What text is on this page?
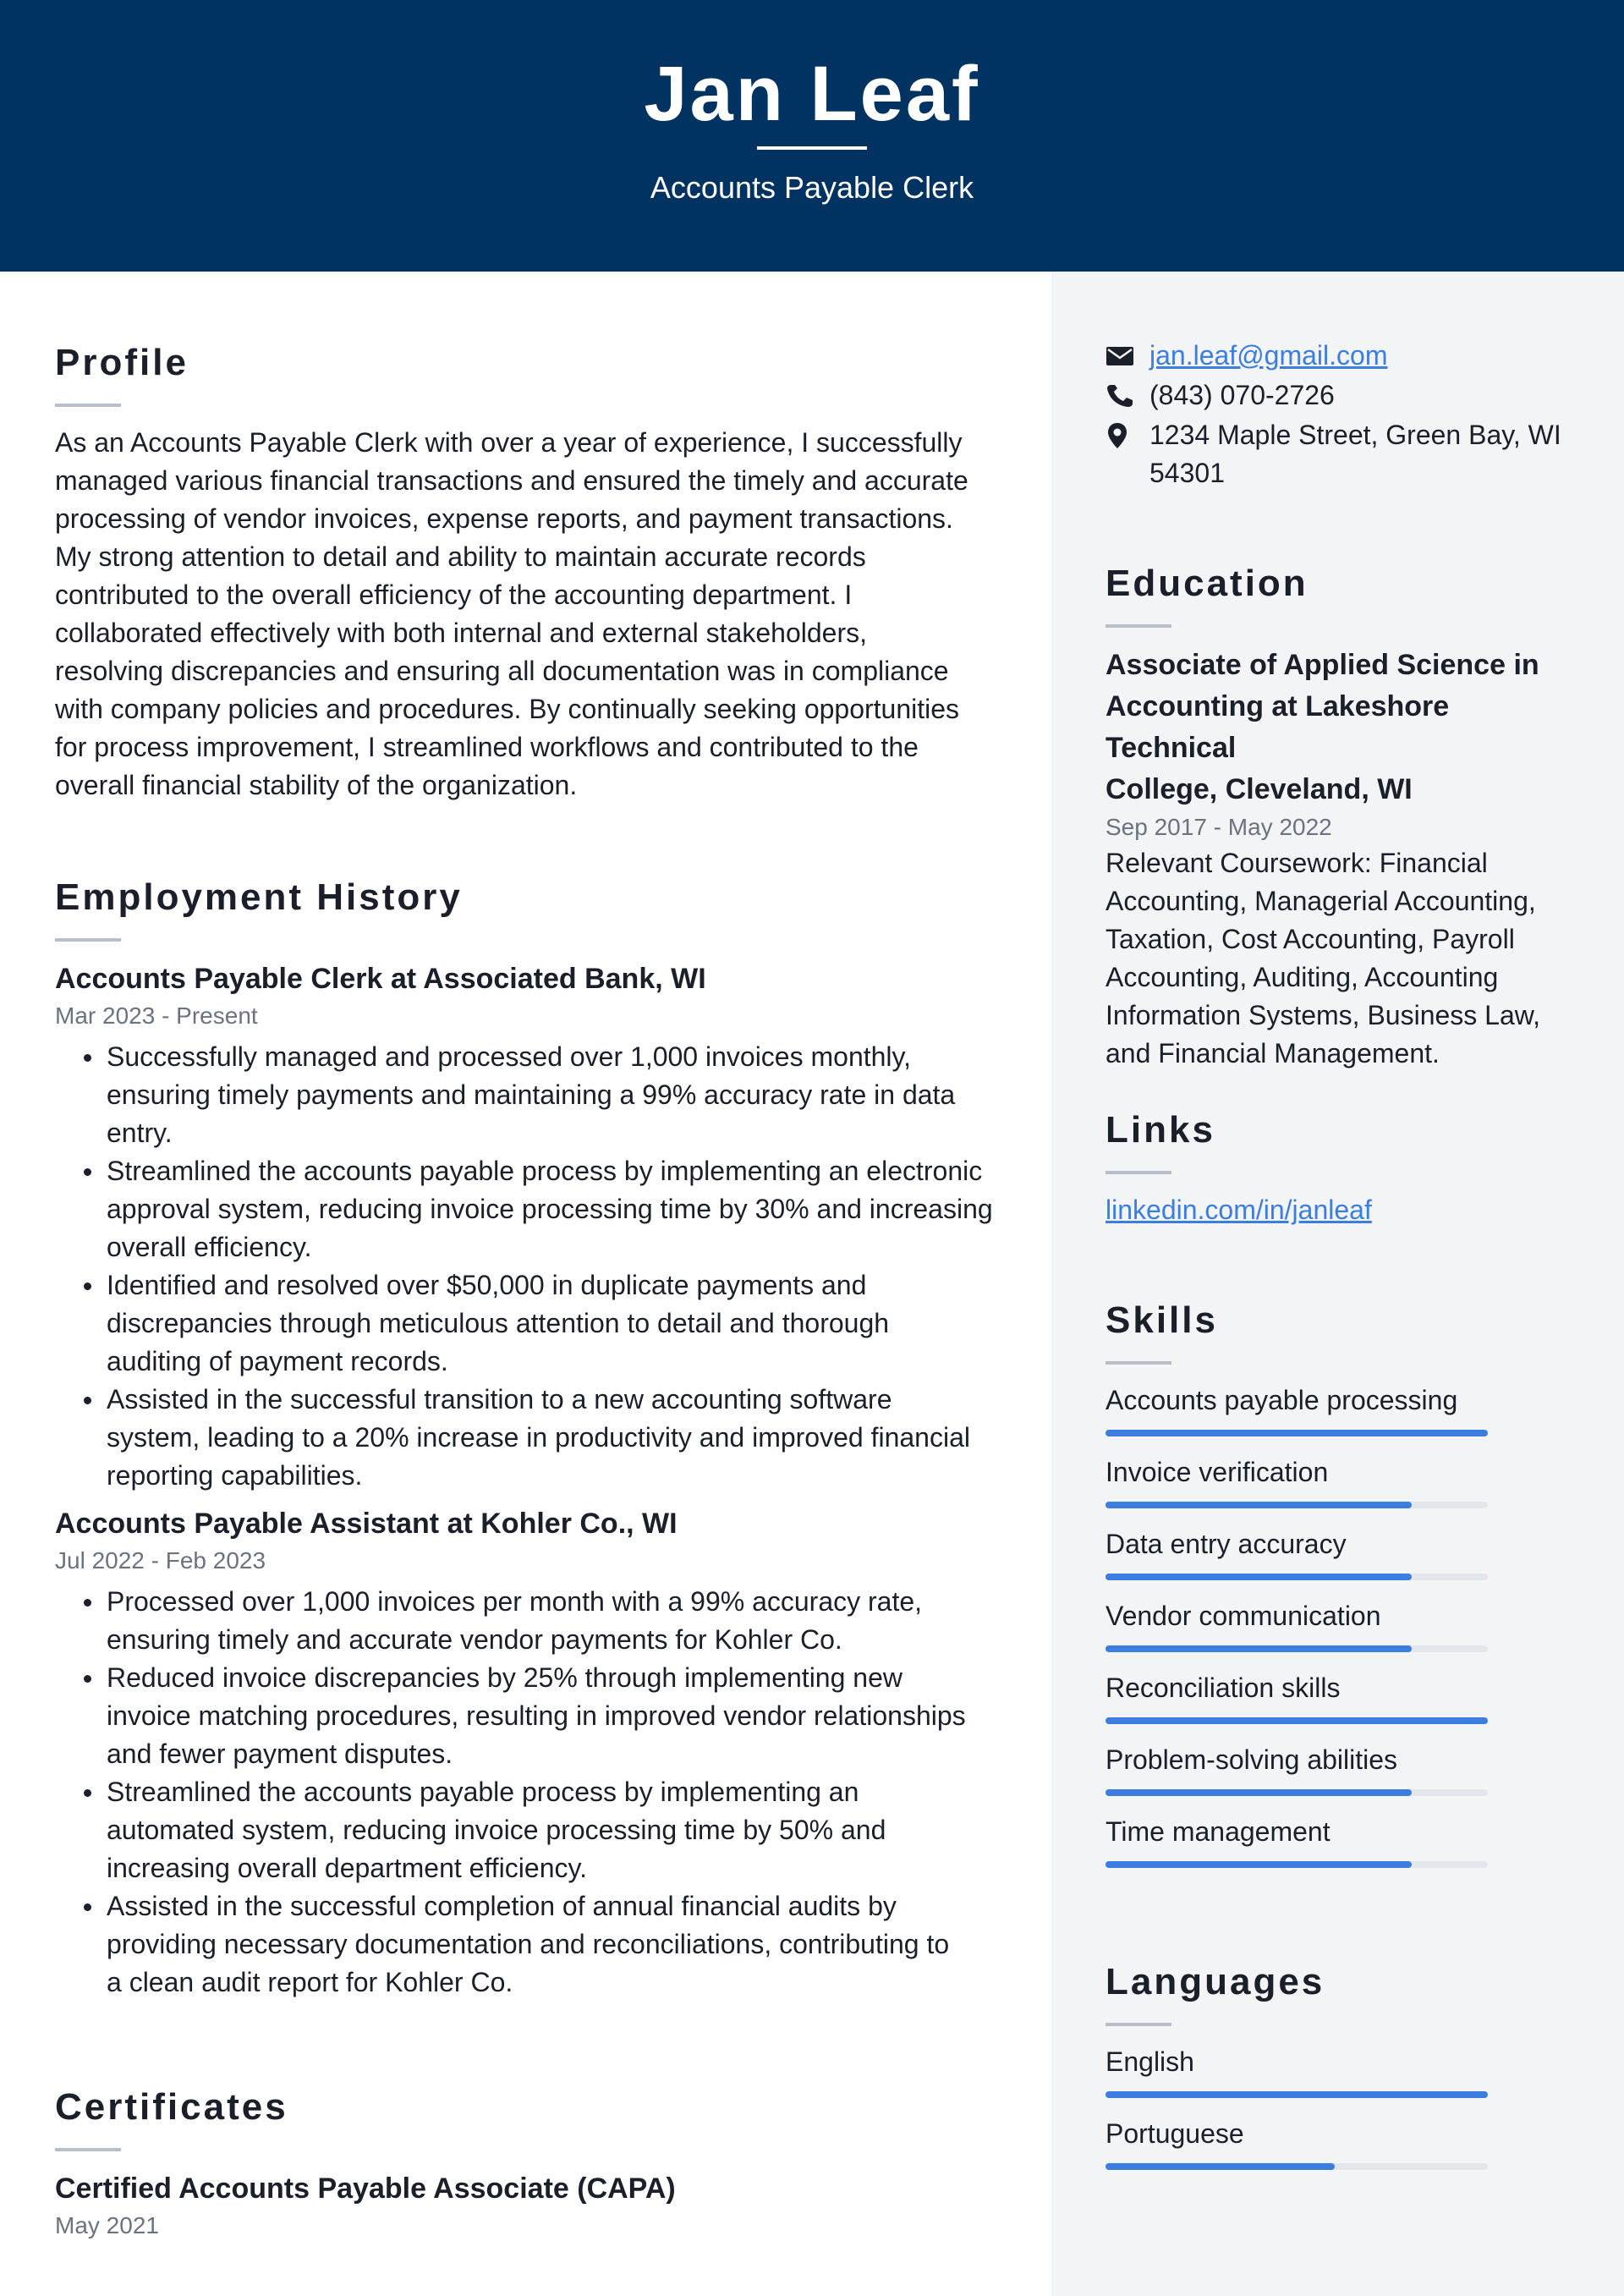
Jan Leaf
Accounts Payable Clerk
Profile
As an Accounts Payable Clerk with over a year of experience, I successfully
managed various financial transactions and ensured the timely and accurate
processing of vendor invoices, expense reports, and payment transactions.
My strong attention to detail and ability to maintain accurate records
contributed to the overall efficiency of the accounting department. I
collaborated effectively with both internal and external stakeholders,
resolving discrepancies and ensuring all documentation was in compliance
with company policies and procedures. By continually seeking opportunities
for process improvement, I streamlined workflows and contributed to the
overall financial stability of the organization.
Employment History
Accounts Payable Clerk at Associated Bank, WI
Mar 2023 - Present
Successfully managed and processed over 1,000 invoices monthly,
ensuring timely payments and maintaining a 99% accuracy rate in data
entry.
Streamlined the accounts payable process by implementing an electronic
approval system, reducing invoice processing time by 30% and increasing
overall efficiency.
Identified and resolved over $50,000 in duplicate payments and
discrepancies through meticulous attention to detail and thorough
auditing of payment records.
Assisted in the successful transition to a new accounting software
system, leading to a 20% increase in productivity and improved financial
reporting capabilities.
Accounts Payable Assistant at Kohler Co., WI
Jul 2022 - Feb 2023
Processed over 1,000 invoices per month with a 99% accuracy rate,
ensuring timely and accurate vendor payments for Kohler Co.
Reduced invoice discrepancies by 25% through implementing new
invoice matching procedures, resulting in improved vendor relationships
and fewer payment disputes.
Streamlined the accounts payable process by implementing an
automated system, reducing invoice processing time by 50% and
increasing overall department efficiency.
Assisted in the successful completion of annual financial audits by
providing necessary documentation and reconciliations, contributing to
a clean audit report for Kohler Co.
Certificates
Certified Accounts Payable Associate (CAPA)
May 2021
jan.leaf@gmail.com
(843) 070-2726
1234 Maple Street, Green Bay, WI
54301
Education
Associate of Applied Science in
Accounting at Lakeshore Technical
College, Cleveland, WI
Sep 2017 - May 2022
Relevant Coursework: Financial
Accounting, Managerial Accounting,
Taxation, Cost Accounting, Payroll
Accounting, Auditing, Accounting
Information Systems, Business Law,
and Financial Management.
Links
linkedin.com/in/janleaf
Skills
Accounts payable processing
Invoice verification
Data entry accuracy
Vendor communication
Reconciliation skills
Problem-solving abilities
Time management
Languages
English
Portuguese
